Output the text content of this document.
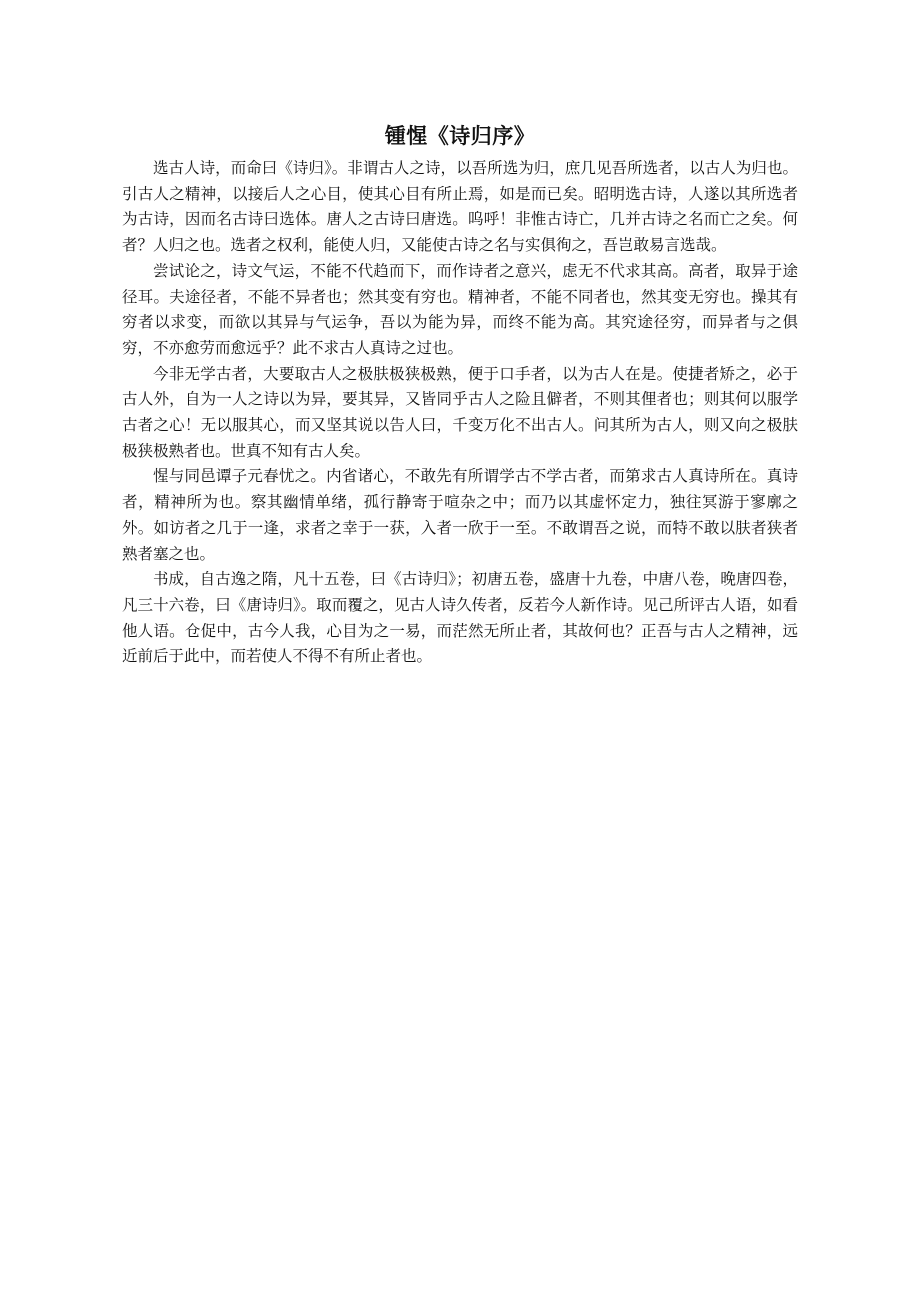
锺惺《诗归序》

选古人诗，而命曰《诗归》。非谓古人之诗，以吾所选为归，庶几见吾所选者，以古人为归也。引古人之精神，以接后人之心目，使其心目有所止焉，如是而已矣。昭明选古诗，人遂以其所选者为古诗，因而名古诗曰选体。唐人之古诗曰唐选。呜呼！非惟古诗亡，几并古诗之名而亡之矣。何者？人归之也。选者之权利，能使人归，又能使古诗之名与实俱徇之，吾岂敢易言选哉。

尝试论之，诗文气运，不能不代趋而下，而作诗者之意兴，虑无不代求其高。高者，取异于途径耳。夫途径者，不能不异者也；然其变有穷也。精神者，不能不同者也，然其变无穷也。操其有穷者以求变，而欲以其异与气运争，吾以为能为异，而终不能为高。其究途径穷，而异者与之俱穷，不亦愈劳而愈远乎？此不求古人真诗之过也。

今非无学古者，大要取古人之极肤极狭极熟，便于口手者，以为古人在是。使捷者矫之，必于古人外，自为一人之诗以为异，要其异，又皆同乎古人之险且僻者，不则其俚者也；则其何以服学古者之心！无以服其心，而又坚其说以告人曰，千变万化不出古人。问其所为古人，则又向之极肤极狭极熟者也。世真不知有古人矣。

惺与同邑谭子元春忧之。内省诸心，不敢先有所谓学古不学古者，而第求古人真诗所在。真诗者，精神所为也。察其幽情单绪，孤行静寄于喧杂之中；而乃以其虚怀定力，独往冥游于寥廓之外。如访者之几于一逢，求者之幸于一获，入者一欣于一至。不敢谓吾之说，而特不敢以肤者狭者熟者塞之也。

书成，自古逸之隋，凡十五卷，曰《古诗归》；初唐五卷，盛唐十九卷，中唐八卷，晚唐四卷，凡三十六卷，曰《唐诗归》。取而覆之，见古人诗久传者，反若今人新作诗。见己所评古人语，如看他人语。仓促中，古今人我，心目为之一易，而茫然无所止者，其故何也？正吾与古人之精神，远近前后于此中，而若使人不得不有所止者也。
